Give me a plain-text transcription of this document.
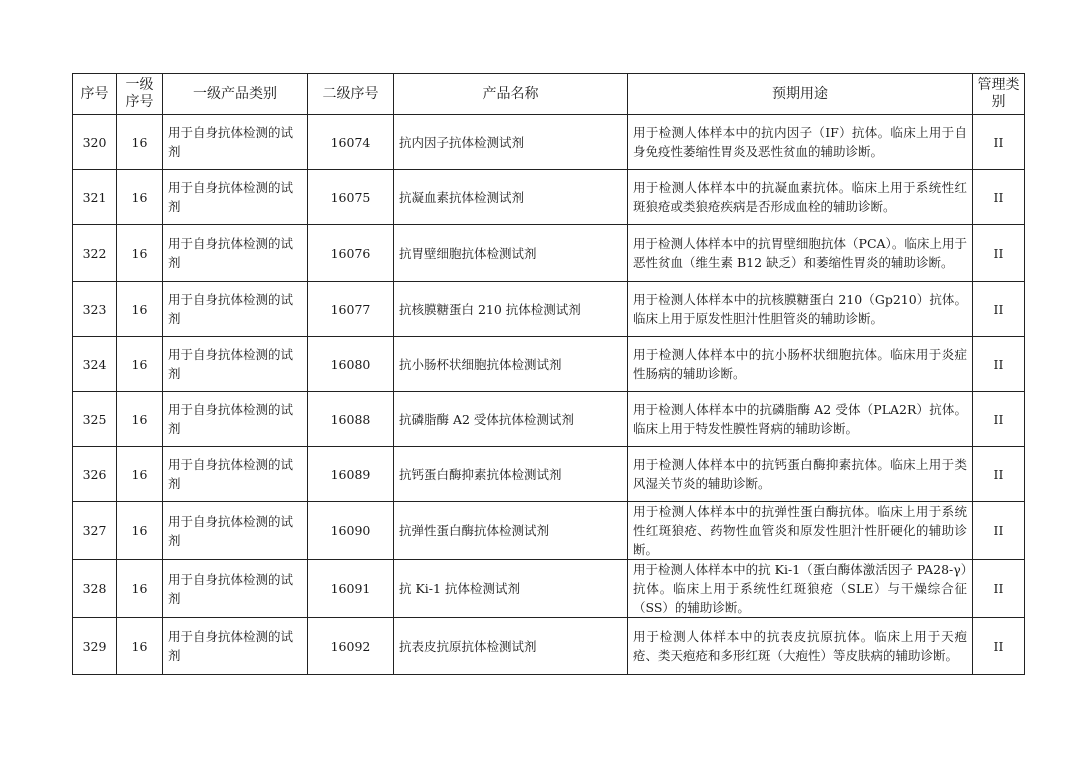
序号	一级序号	一级产品类别	二级序号	产品名称	预期用途	管理类别
320	16	用于自身抗体检测的试剂	16074	抗内因子抗体检测试剂	用于检测人体样本中的抗内因子（IF）抗体。临床上用于自身免疫性萎缩性胃炎及恶性贫血的辅助诊断。	II
321	16	用于自身抗体检测的试剂	16075	抗凝血素抗体检测试剂	用于检测人体样本中的抗凝血素抗体。临床上用于系统性红斑狼疮或类狼疮疾病是否形成血栓的辅助诊断。	II
322	16	用于自身抗体检测的试剂	16076	抗胃壁细胞抗体检测试剂	用于检测人体样本中的抗胃壁细胞抗体（PCA）。临床上用于恶性贫血（维生素 B12 缺乏）和萎缩性胃炎的辅助诊断。	II
323	16	用于自身抗体检测的试剂	16077	抗核膜糖蛋白 210 抗体检测试剂	用于检测人体样本中的抗核膜糖蛋白 210（Gp210）抗体。临床上用于原发性胆汁性胆管炎的辅助诊断。	II
324	16	用于自身抗体检测的试剂	16080	抗小肠杯状细胞抗体检测试剂	用于检测人体样本中的抗小肠杯状细胞抗体。临床用于炎症性肠病的辅助诊断。	II
325	16	用于自身抗体检测的试剂	16088	抗磷脂酶 A2 受体抗体检测试剂	用于检测人体样本中的抗磷脂酶 A2 受体（PLA2R）抗体。临床上用于特发性膜性肾病的辅助诊断。	II
326	16	用于自身抗体检测的试剂	16089	抗钙蛋白酶抑素抗体检测试剂	用于检测人体样本中的抗钙蛋白酶抑素抗体。临床上用于类风湿关节炎的辅助诊断。	II
327	16	用于自身抗体检测的试剂	16090	抗弹性蛋白酶抗体检测试剂	用于检测人体样本中的抗弹性蛋白酶抗体。临床上用于系统性红斑狼疮、药物性血管炎和原发性胆汁性肝硬化的辅助诊断。	II
328	16	用于自身抗体检测的试剂	16091	抗 Ki-1 抗体检测试剂	用于检测人体样本中的抗 Ki-1（蛋白酶体激活因子 PA28-γ）抗体。临床上用于系统性红斑狼疮（SLE）与干燥综合征（SS）的辅助诊断。	II
329	16	用于自身抗体检测的试剂	16092	抗表皮抗原抗体检测试剂	用于检测人体样本中的抗表皮抗原抗体。临床上用于天疱疮、类天疱疮和多形红斑（大疱性）等皮肤病的辅助诊断。	II
